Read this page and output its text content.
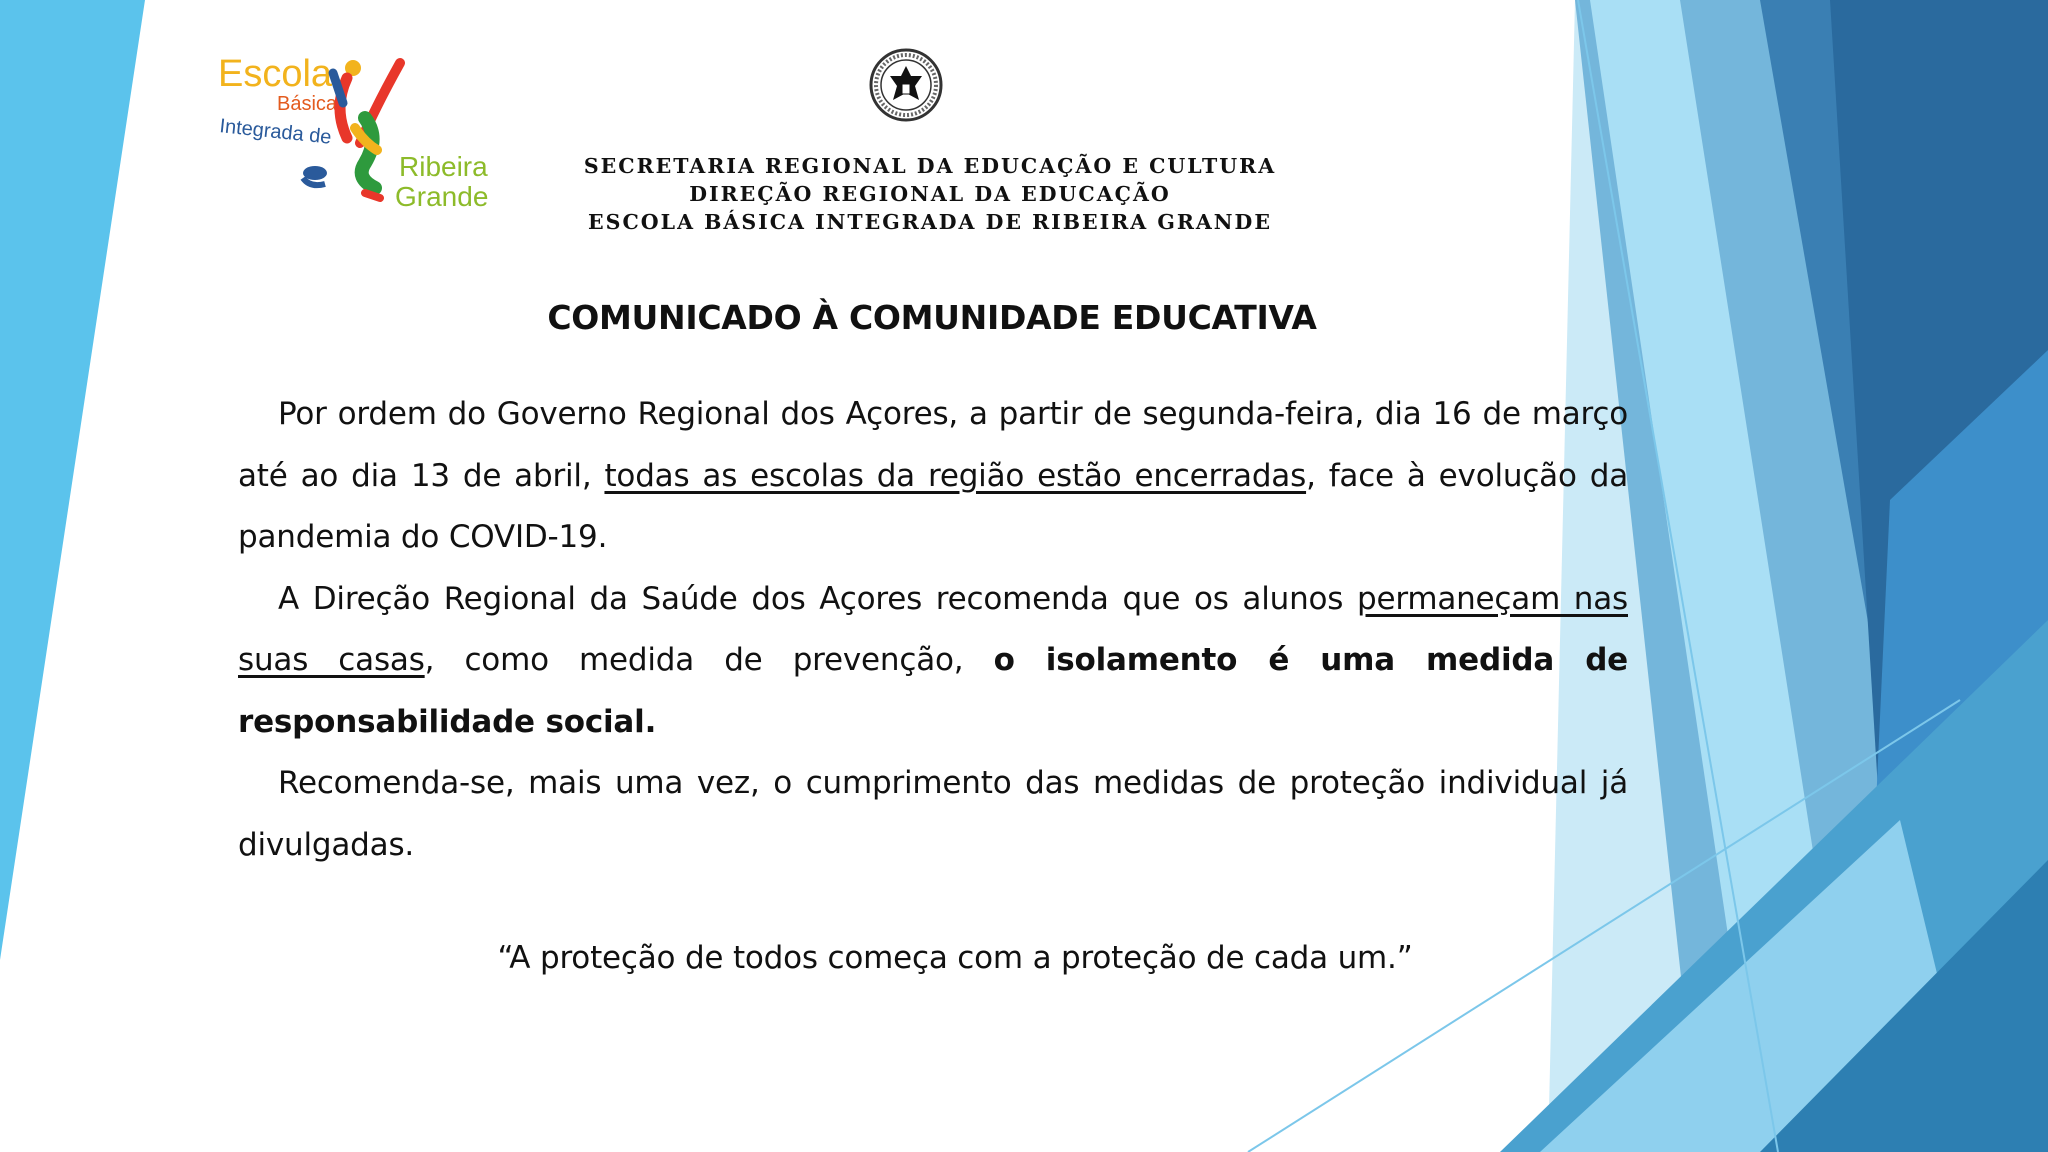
Escola
Básica
Integrada de
Ribeira
Grande
SECRETARIA REGIONAL DA EDUCAÇÃO E CULTURA
DIREÇÃO REGIONAL DA EDUCAÇÃO
ESCOLA BÁSICA INTEGRADA DE RIBEIRA GRANDE
COMUNICADO À COMUNIDADE EDUCATIVA

Por ordem do Governo Regional dos Açores, a partir de segunda-feira, dia 16 de março até ao dia 13 de abril, todas as escolas da região estão encerradas, face à evolução da pandemia do COVID-19.

A Direção Regional da Saúde dos Açores recomenda que os alunos permaneçam nas suas casas, como medida de prevenção, o isolamento é uma medida de responsabilidade social.

Recomenda-se, mais uma vez, o cumprimento das medidas de proteção individual já divulgadas.

“A proteção de todos começa com a proteção de cada um.”
